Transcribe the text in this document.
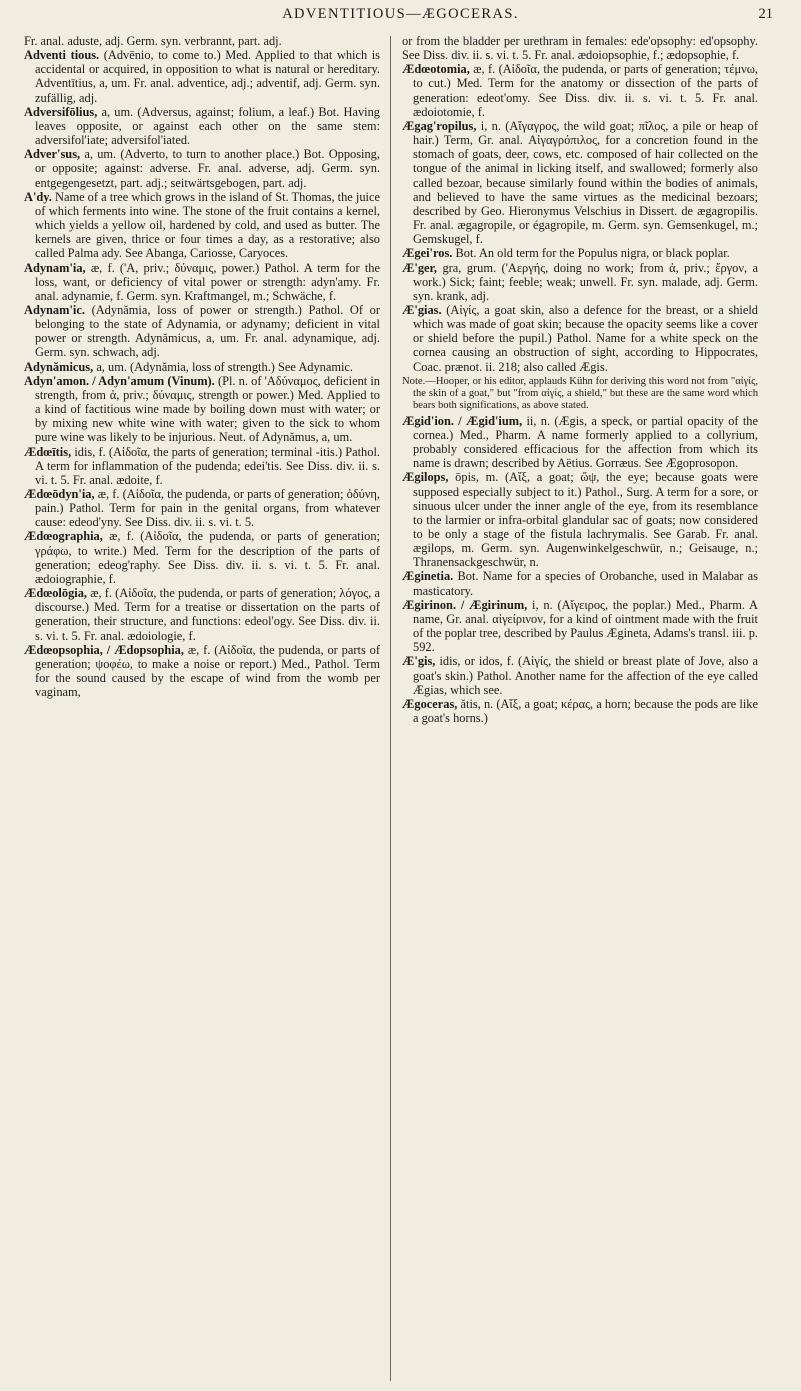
ADVENTITIOUS—ÆGOCERAS.	21
Fr. anal. aduste, adj. Germ. syn. verbrannt, part. adj.
Adventi tious. (Advēnio, to come to.) Med. Applied to that which is accidental or acquired, in opposition to what is natural or hereditary. Adventītius, a, um. Fr. anal. adventice, adj.; adventif, adj. Germ. syn. zufällig, adj.
Adversifōlius, a, um. (Adversus, against; folium, a leaf.) Bot. Having leaves opposite, or against each other on the same stem: adversifol'iate; adversifol'iated.
Adver'sus, a, um. (Adverto, to turn to another place.) Bot. Opposing, or opposite; against: adverse. Fr. anal. adverse, adj. Germ. syn. entgegengesetzt, part. adj.; seitwärtsgebogen, part. adj.
A'dy. Name of a tree which grows in the island of St. Thomas, the juice of which ferments into wine. The stone of the fruit contains a kernel, which yields a yellow oil, hardened by cold, and used as butter. The kernels are given, thrice or four times a day, as a restorative; also called Palma ady. See Abanga, Cariosse, Caryoces.
Adynam'ia, æ, f. ('A, priv.; δύναμις, power.) Pathol. A term for the loss, want, or deficiency of vital power or strength: adyn'amy. Fr. anal. adynamie, f. Germ. syn. Kraftmangel, m.; Schwäche, f.
Adynam'ic. (Adynămia, loss of power or strength.) Pathol. Of or belonging to the state of Adynamia, or adynamy; deficient in vital power or strength. Adynămicus, a, um. Fr. anal. adynamique, adj. Germ. syn. schwach, adj.
Adynămicus, a, um. (Adynămia, loss of strength.) See Adynamic.
Adyn'amon. / Adyn'amum (Vinum). (Pl. n. of 'Αδύναμος, deficient in strength, from ἀ, priv.; δύναμις, strength or power.) Med. Applied to a kind of factitious wine made by boiling down must with water; or by mixing new white wine with water; given to the sick to whom pure wine was likely to be injurious. Neut. of Adynămus, a, um.
Ædœītis, idis, f. (Αἰδοῖα, the parts of generation; terminal -itis.) Pathol. A term for inflammation of the pudenda; edei'tis. See Diss. div. ii. s. vi. t. 5. Fr. anal. ædoite, f.
Ædœōdyn'ia, æ, f. (Αἰδοῖα, the pudenda, or parts of generation; ὀδύνη, pain.) Pathol. Term for pain in the genital organs, from whatever cause: edeod'yny. See Diss. div. ii. s. vi. t. 5.
Ædœographia, æ, f. (Αἰδοῖα, the pudenda, or parts of generation; γράφω, to write.) Med. Term for the description of the parts of generation; edeog'raphy. See Diss. div. ii. s. vi. t. 5. Fr. anal. ædoiographie, f.
Ædœolōgia, æ, f. (Αἰδοῖα, the pudenda, or parts of generation; λόγος, a discourse.) Med. Term for a treatise or dissertation on the parts of generation, their structure, and functions: edeol'ogy. See Diss. div. ii. s. vi. t. 5. Fr. anal. ædoiologie, f.
Ædœopsophia, / Ædopsophia, æ, f. (Αἰδοῖα, the pudenda, or parts of generation; ψοφέω, to make a noise or report.) Med., Pathol. Term for the sound caused by the escape of wind from the womb per vaginam,
or from the bladder per urethram in females: ede'opsophy: ed'opsophy. See Diss. div. ii. s. vi. t. 5. Fr. anal. ædoiopsophie, f.; ædopsophie, f.
Ædœotomia, æ, f. (Αἰδοῖα, the pudenda, or parts of generation; τέμνω, to cut.) Med. Term for the anatomy or dissection of the parts of generation: edeot'omy. See Diss. div. ii. s. vi. t. 5. Fr. anal. ædoiotomie, f.
Ægag'ropilus, i, n. (Αἴγαγρος, the wild goat; πῖλος, a pile or heap of hair.) Term, Gr. anal. Αἰγαγρόπιλος, for a concretion found in the stomach of goats, deer, cows, etc. composed of hair collected on the tongue of the animal in licking itself, and swallowed; formerly also called bezoar, because similarly found within the bodies of animals, and believed to have the same virtues as the medicinal bezoars; described by Geo. Hieronymus Velschius in Dissert. de ægagropilis. Fr. anal. ægagropile, or égagropile, m. Germ. syn. Gemsenkugel, m.; Gemskugel, f.
Ægei'ros. Bot. An old term for the Populus nigra, or black poplar.
Æ'ger, gra, grum. ('Αεργής, doing no work; from ἀ, priv.; ἔργον, a work.) Sick; faint; feeble; weak; unwell. Fr. syn. malade, adj. Germ. syn. krank, adj.
Æ'gias. (Αἰγίς, a goat skin, also a defence for the breast, or a shield which was made of goat skin; because the opacity seems like a cover or shield before the pupil.) Pathol. Name for a white speck on the cornea causing an obstruction of sight, according to Hippocrates, Coac. prænot. ii. 218; also called Ægis.
Note.—Hooper, or his editor, applauds Kühn for deriving this word not from "αἰγίς, the skin of a goat," but "from αἰγίς, a shield," but these are the same word which bears both significations, as above stated.
Ægid'ion. / Ægid'ium, ii, n. (Ægis, a speck, or partial opacity of the cornea.) Med., Pharm. A name formerly applied to a collyrium, probably considered efficacious for the affection from which its name is drawn; described by Aëtius. Gorræus. See Ægoprosopon.
Ægilops, ōpis, m. (Αἴξ, a goat; ὤψ, the eye; because goats were supposed especially subject to it.) Pathol., Surg. A term for a sore, or sinuous ulcer under the inner angle of the eye, from its resemblance to the larmier or infra-orbital glandular sac of goats; now considered to be only a stage of the fistula lachrymalis. See Garab. Fr. anal. ægilops, m. Germ. syn. Augenwinkelgeschwür, n.; Geisauge, n.; Thranensackgeschwür, n.
Æginetia. Bot. Name for a species of Orobanche, used in Malabar as masticatory.
Ægirinon. / Ægirinum, i, n. (Αἴγειρος, the poplar.) Med., Pharm. A name, Gr. anal. αἰγείρινον, for a kind of ointment made with the fruit of the poplar tree, described by Paulus Ægineta, Adams's transl. iii. p. 592.
Æ'gis, idis, or idos, f. (Αἰγίς, the shield or breast plate of Jove, also a goat's skin.) Pathol. Another name for the affection of the eye called Ægias, which see.
Ægoceras, ătis, n. (Αἴξ, a goat; κέρας, a horn; because the pods are like a goat's horns.)
